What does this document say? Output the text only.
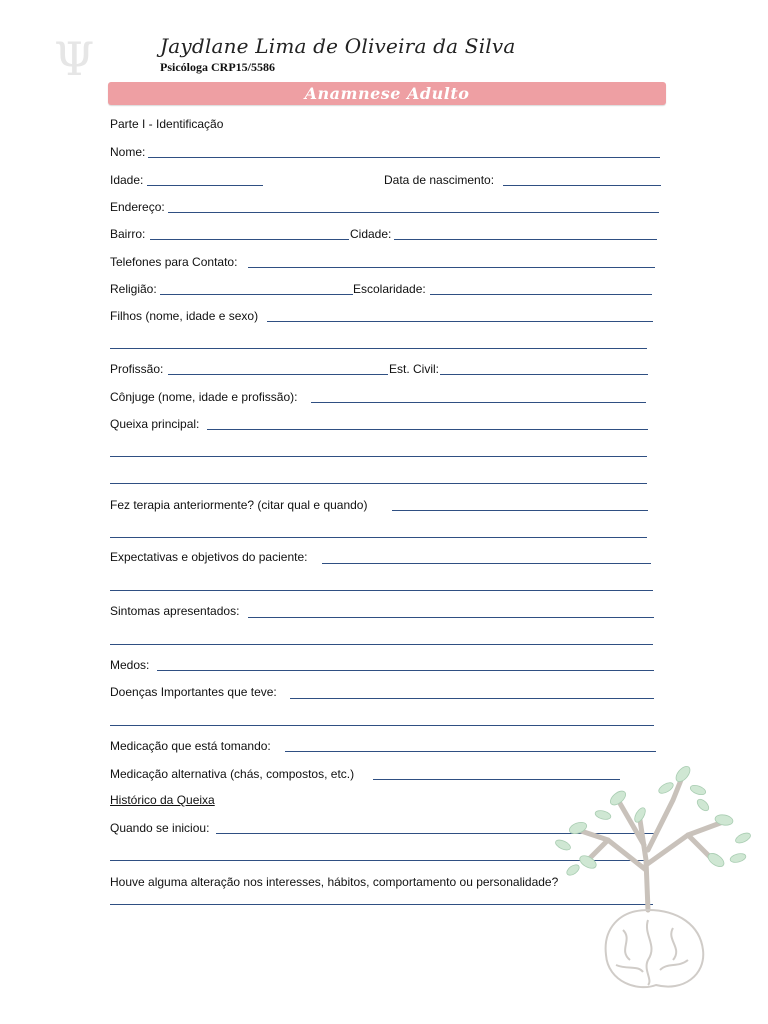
Ψ	Jaydlane Lima de Oliveira da Silva
Psicóloga CRP15/5586
Anamnese Adulto
Parte I - Identificação
Nome:
Idade:	Data de nascimento:
Endereço:
Bairro:	Cidade:
Telefones para Contato:
Religião:	Escolaridade:
Filhos (nome, idade e sexo)
Profissão:	Est. Civil:
Cônjuge (nome, idade e profissão):
Queixa principal:
Fez terapia anteriormente? (citar qual e quando)
Expectativas e objetivos do paciente:
Sintomas apresentados:
Medos:
Doenças Importantes que teve:
Medicação que está tomando:
Medicação alternativa (chás, compostos, etc.)
Histórico da Queixa
Quando se iniciou:
Houve alguma alteração nos interesses, hábitos, comportamento ou personalidade?
